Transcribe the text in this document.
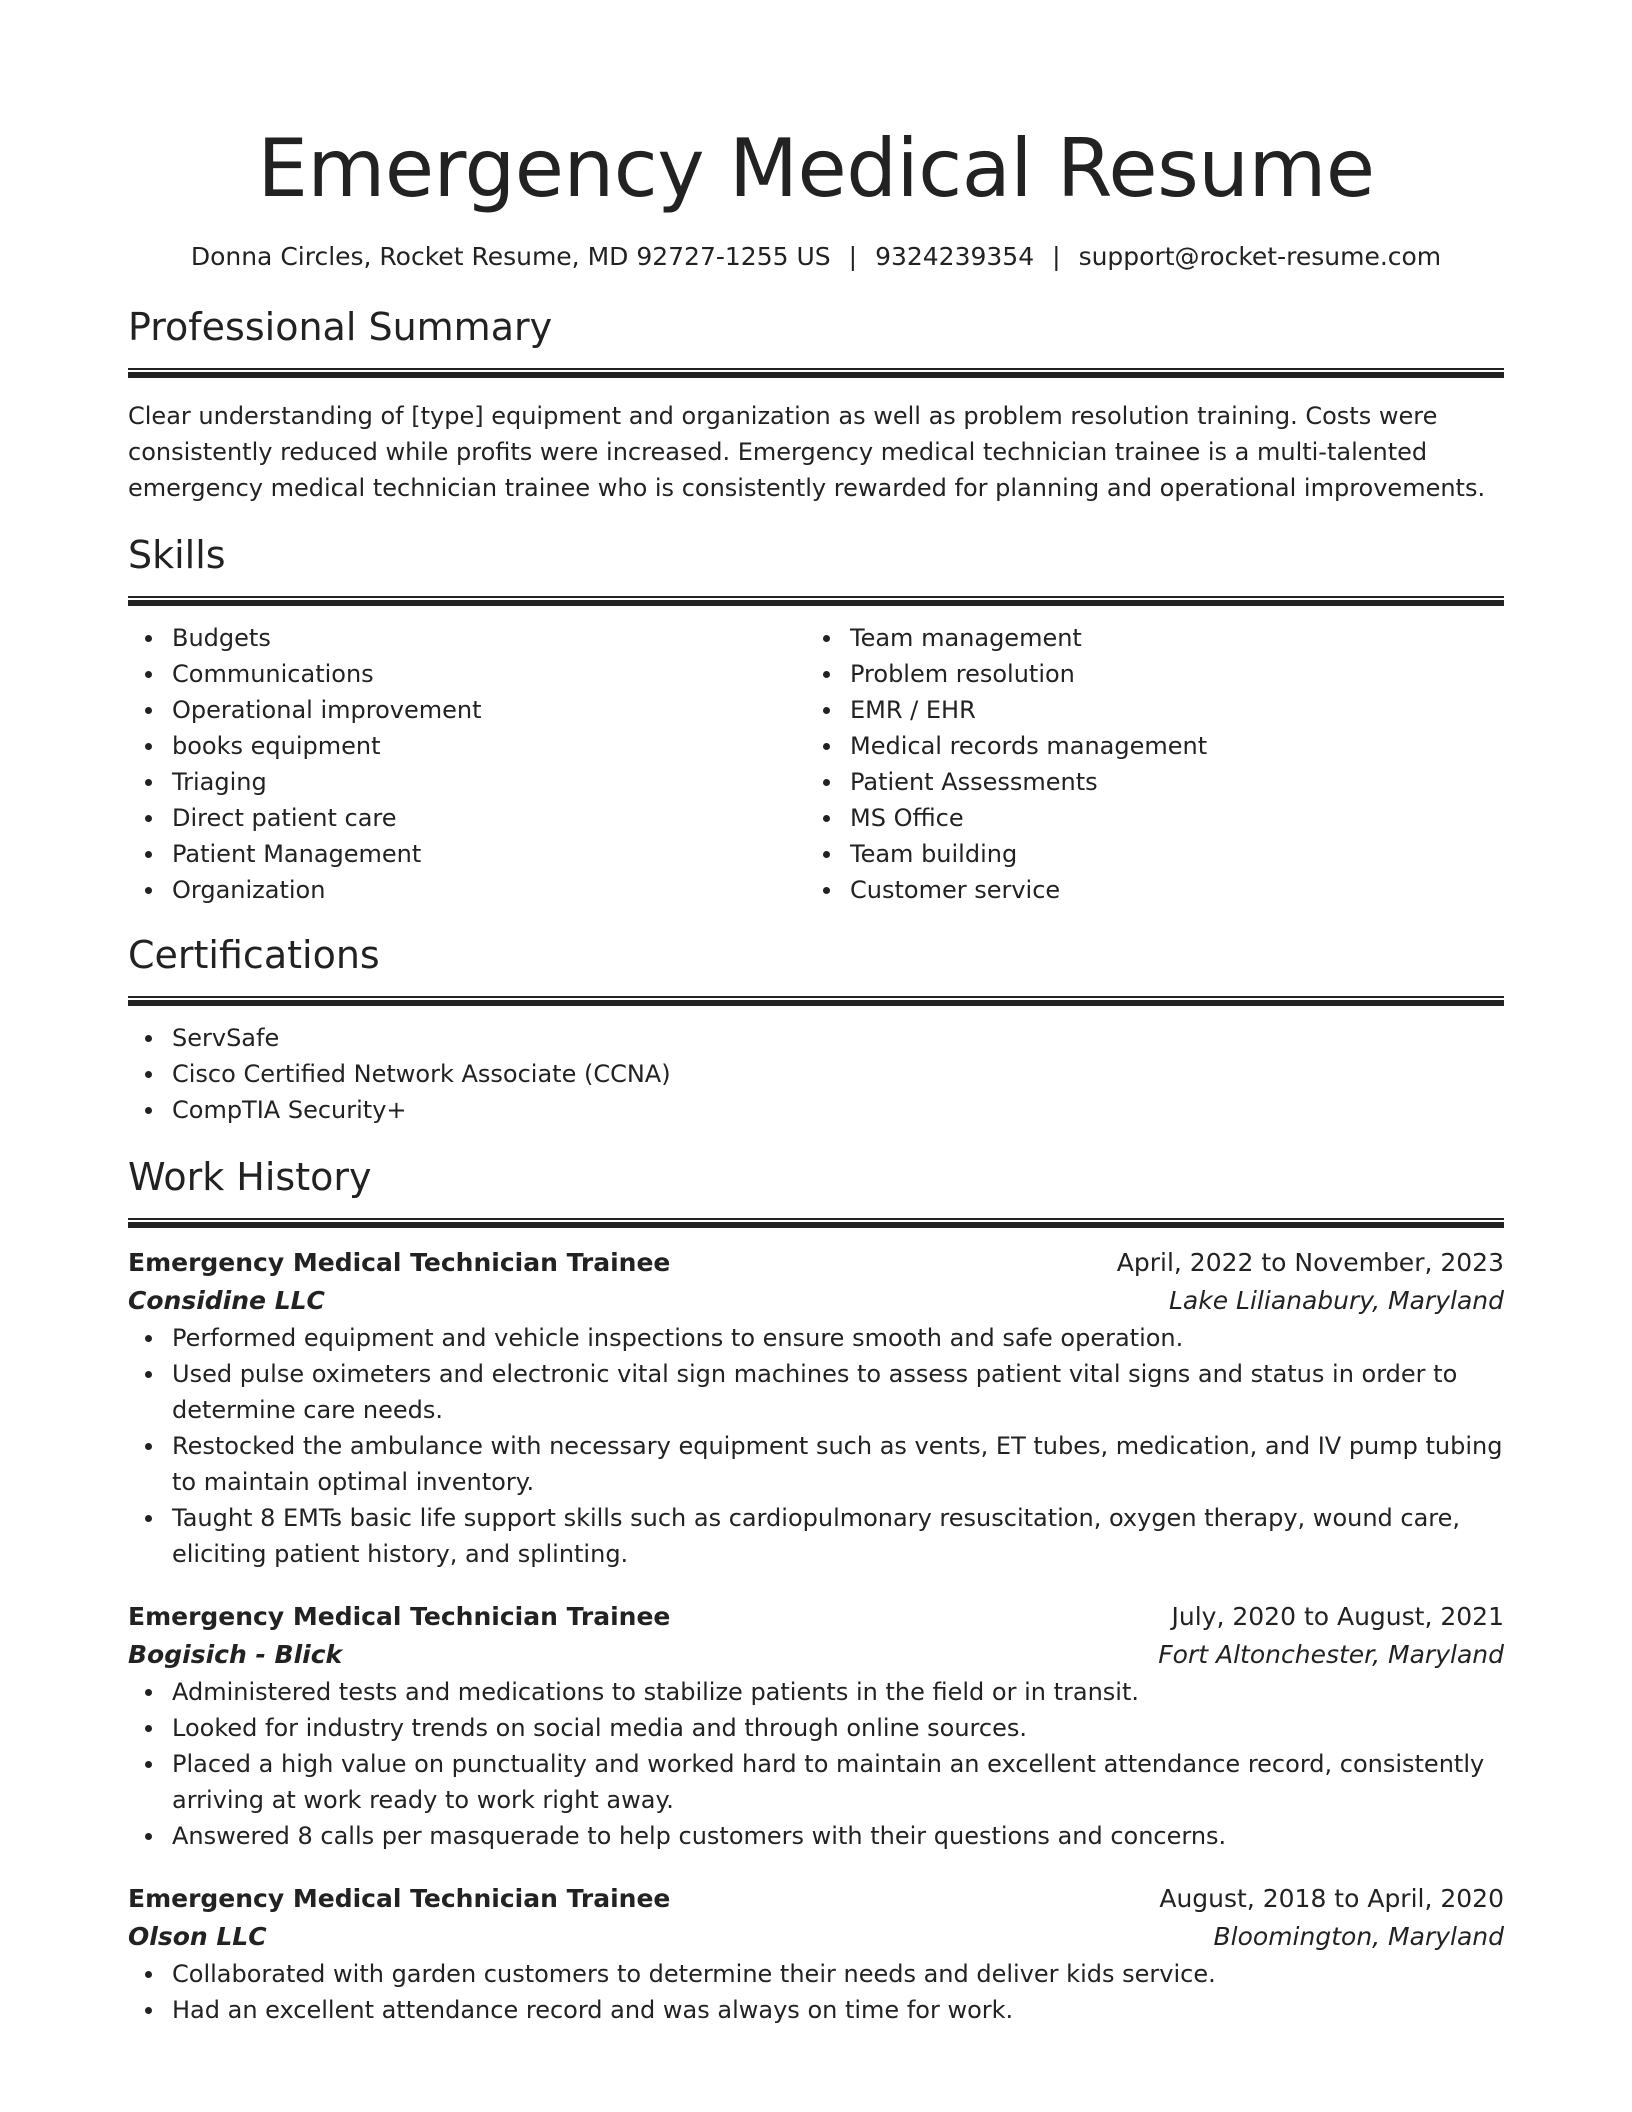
Emergency Medical Resume
Donna Circles, Rocket Resume, MD 92727-1255 US | 9324239354 | support@rocket-resume.com
Professional Summary

Clear understanding of [type] equipment and organization as well as problem resolution training. Costs were consistently reduced while profits were increased. Emergency medical technician trainee is a multi-talented emergency medical technician trainee who is consistently rewarded for planning and operational improvements.

Skills
Budgets
Communications
Operational improvement
books equipment
Triaging
Direct patient care
Patient Management
Organization
Team management
Problem resolution
EMR / EHR
Medical records management
Patient Assessments
MS Office
Team building
Customer service
Certifications
ServSafe
Cisco Certified Network Associate (CCNA)
CompTIA Security+
Work History
Emergency Medical Technician Trainee	April, 2022 to November, 2023
Considine LLC	Lake Lilianabury, Maryland
Performed equipment and vehicle inspections to ensure smooth and safe operation.
Used pulse oximeters and electronic vital sign machines to assess patient vital signs and status in order to determine care needs.
Restocked the ambulance with necessary equipment such as vents, ET tubes, medication, and IV pump tubing to maintain optimal inventory.
Taught 8 EMTs basic life support skills such as cardiopulmonary resuscitation, oxygen therapy, wound care, eliciting patient history, and splinting.
Emergency Medical Technician Trainee	July, 2020 to August, 2021
Bogisich - Blick	Fort Altonchester, Maryland
Administered tests and medications to stabilize patients in the field or in transit.
Looked for industry trends on social media and through online sources.
Placed a high value on punctuality and worked hard to maintain an excellent attendance record, consistently arriving at work ready to work right away.
Answered 8 calls per masquerade to help customers with their questions and concerns.
Emergency Medical Technician Trainee	August, 2018 to April, 2020
Olson LLC	Bloomington, Maryland
Collaborated with garden customers to determine their needs and deliver kids service.
Had an excellent attendance record and was always on time for work.
